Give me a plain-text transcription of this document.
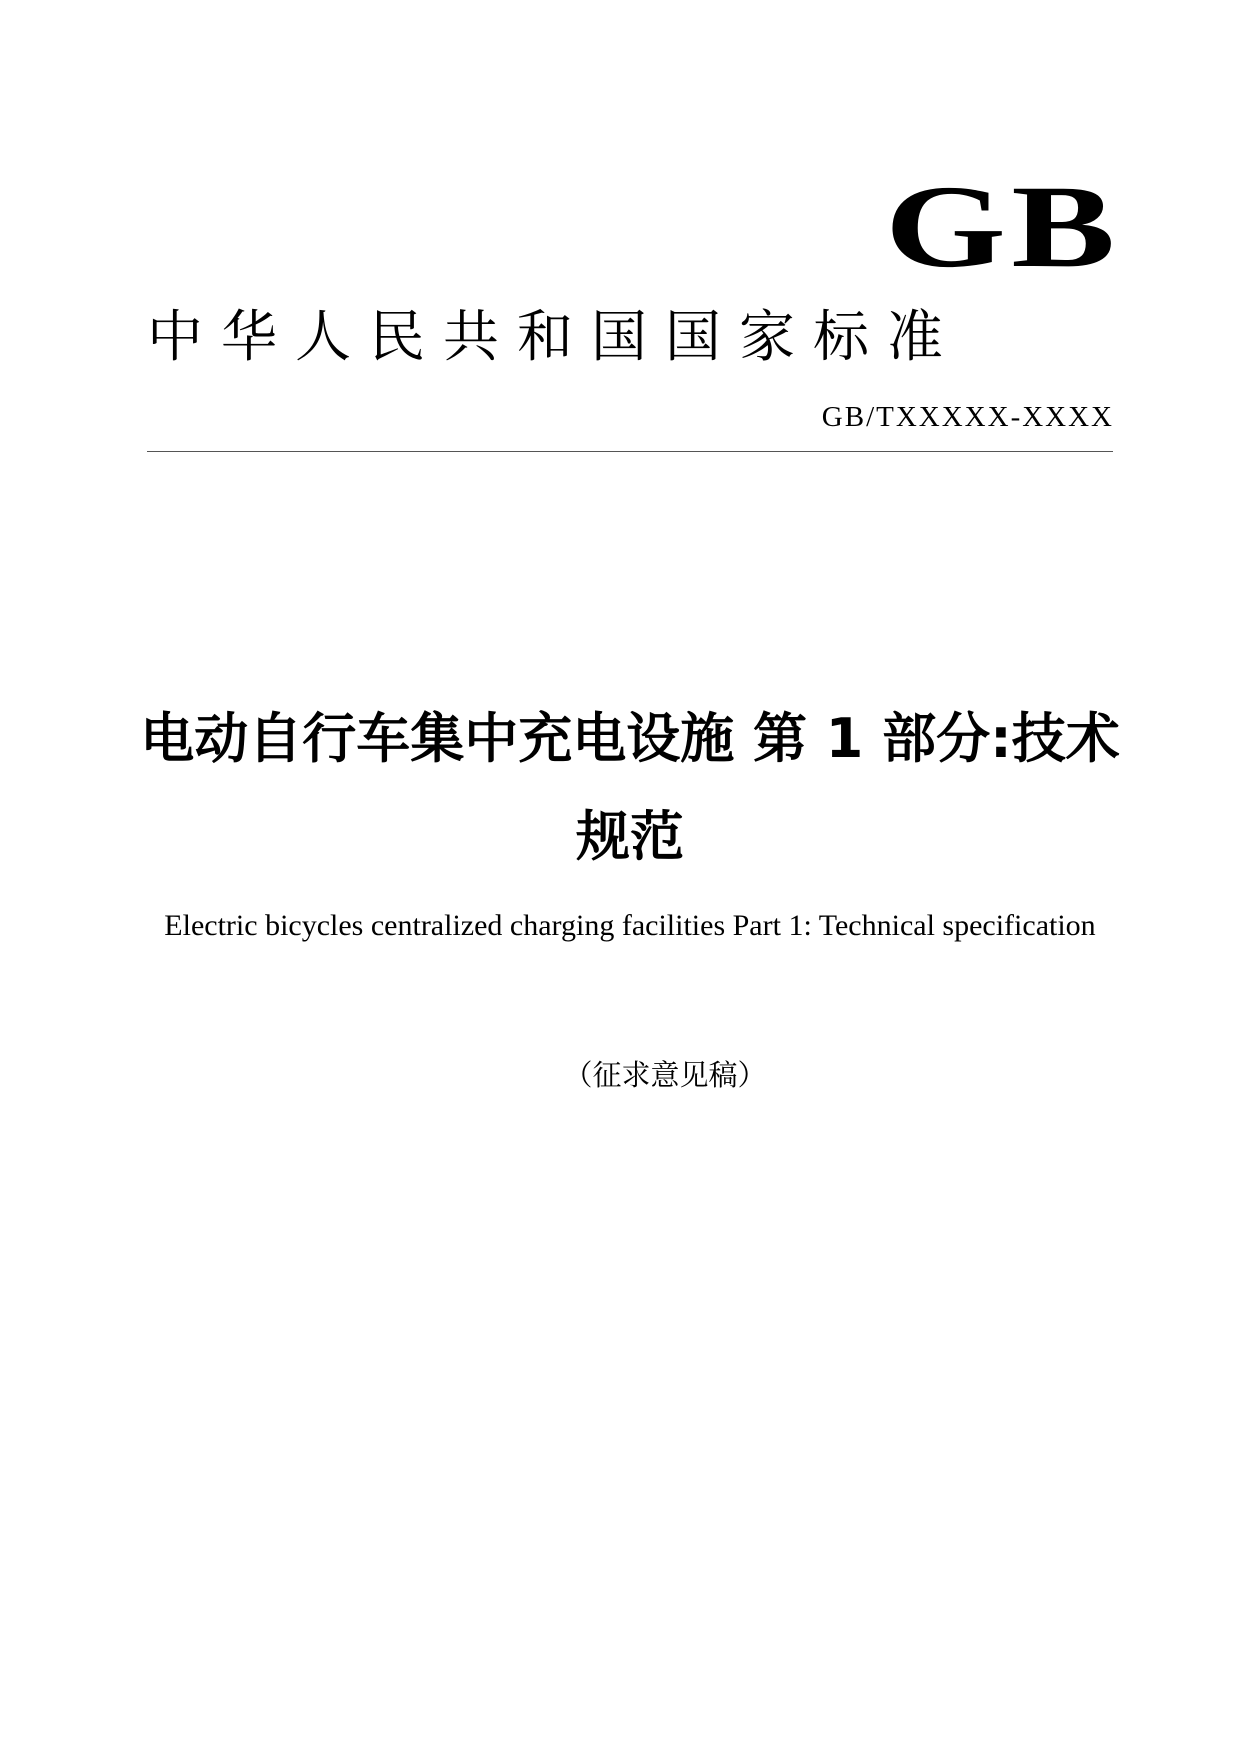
GB
中华人民共和国国家标准
GB/TXXXXX-XXXX
电动自行车集中充电设施 第 1 部分:技术规范
Electric bicycles centralized charging facilities Part 1: Technical specification
（征求意见稿）
